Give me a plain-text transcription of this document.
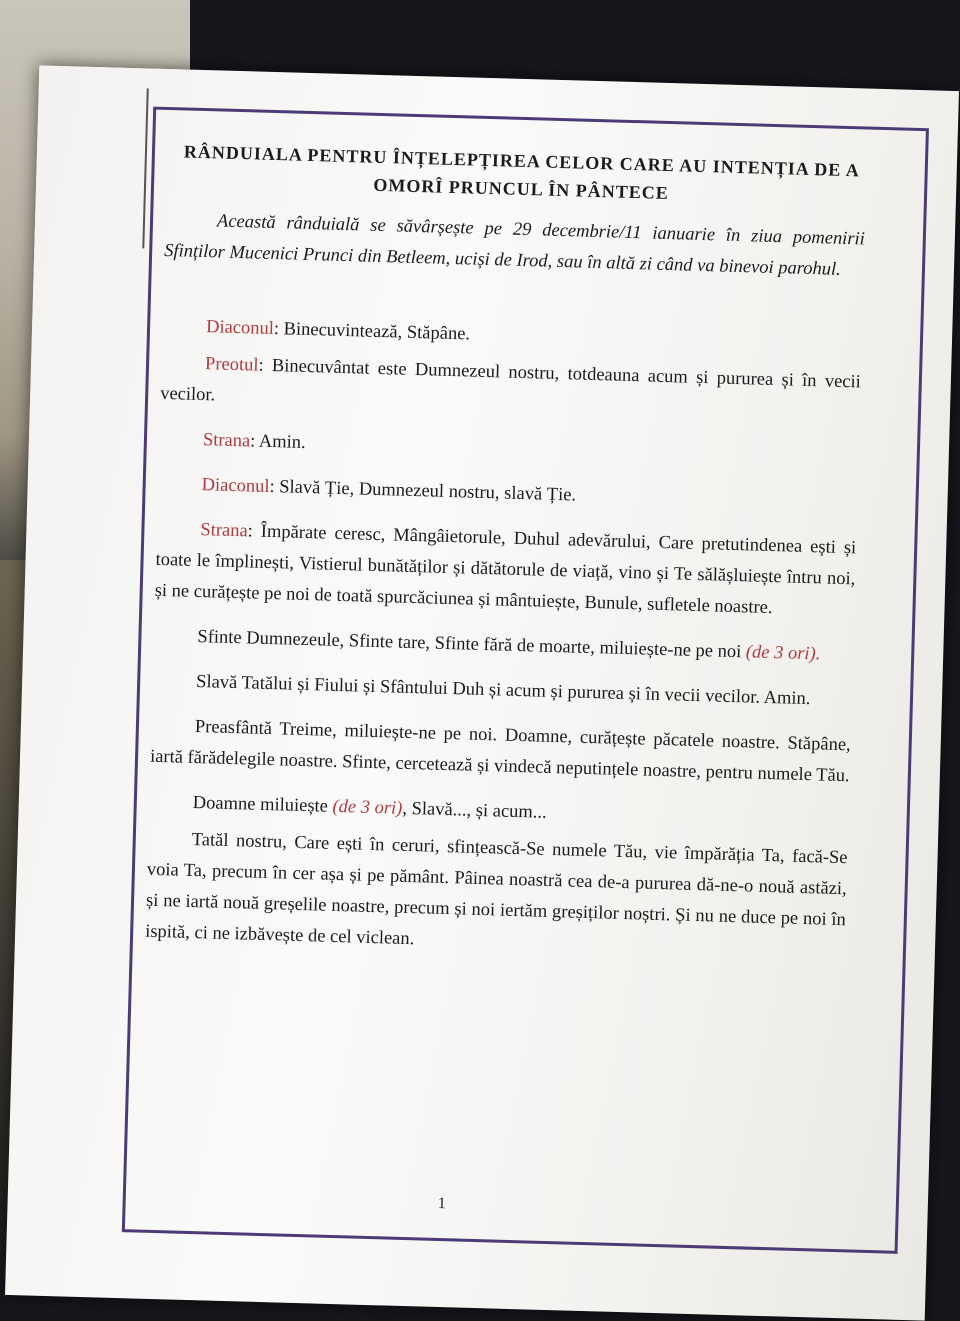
RÂNDUIALA PENTRU ÎNȚELEPȚIREA CELOR CARE AU INTENȚIA DE A OMORÎ PRUNCUL ÎN PÂNTECE

Această rânduială se săvârșește pe 29 decembrie/11 ianuarie în ziua pomenirii Sfinților Mucenici Prunci din Betleem, uciși de Irod, sau în altă zi când va binevoi parohul.

Diaconul: Binecuvintează, Stăpâne.

Preotul: Binecuvântat este Dumnezeul nostru, totdeauna acum și pururea și în vecii vecilor.

Strana: Amin.

Diaconul: Slavă Ție, Dumnezeul nostru, slavă Ție.

Strana: Împărate ceresc, Mângâietorule, Duhul adevărului, Care pretutindenea ești și toate le împlinești, Vistierul bunătăților și dătătorule de viață, vino și Te sălășluiește întru noi, și ne curățește pe noi de toată spurcăciunea și mântuiește, Bunule, sufletele noastre.

Sfinte Dumnezeule, Sfinte tare, Sfinte fără de moarte, miluiește-ne pe noi (de 3 ori).

Slavă Tatălui și Fiului și Sfântului Duh și acum și pururea și în vecii vecilor. Amin.

Preasfântă Treime, miluiește-ne pe noi. Doamne, curățește păcatele noastre. Stăpâne, iartă fărădelegile noastre. Sfinte, cercetează și vindecă neputințele noastre, pentru numele Tău.

Doamne miluiește (de 3 ori), Slavă..., și acum...

Tatăl nostru, Care ești în ceruri, sfințească-Se numele Tău, vie împărăția Ta, facă-Se voia Ta, precum în cer așa și pe pământ. Pâinea noastră cea de-a pururea dă-ne-o nouă astăzi, și ne iartă nouă greșelile noastre, precum și noi iertăm greșiților noștri. Și nu ne duce pe noi în ispită, ci ne izbăvește de cel viclean.

1
